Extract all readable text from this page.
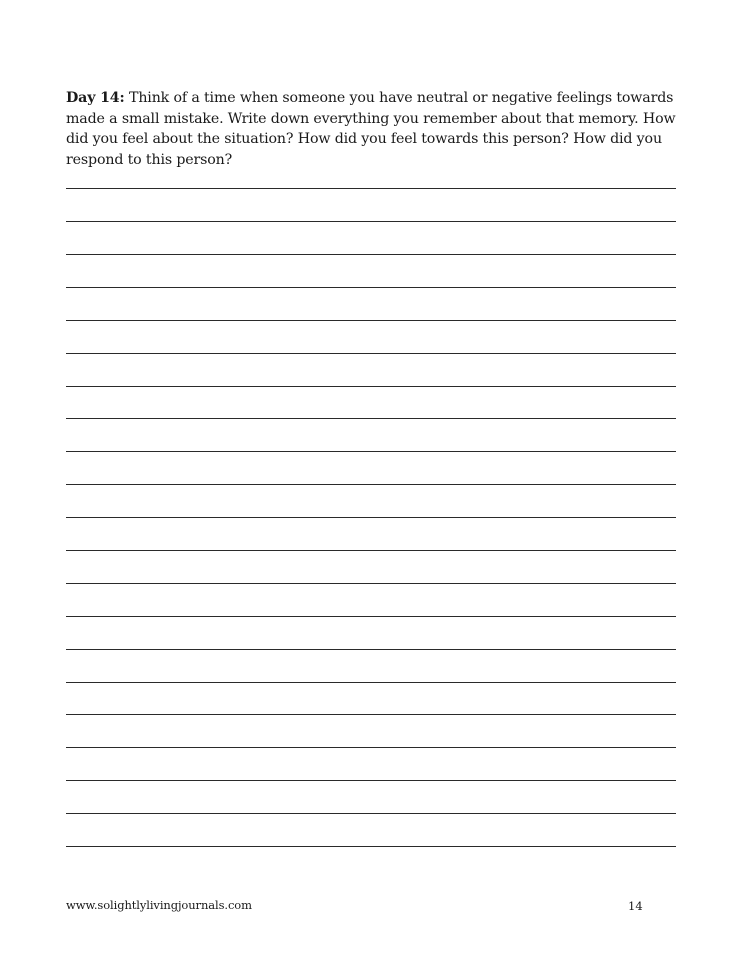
Day 14: Think of a time when someone you have neutral or negative feelings towards made a small mistake. Write down everything you remember about that memory. How did you feel about the situation? How did you feel towards this person? How did you respond to this person?
www.solightlylivingjournals.com	14
